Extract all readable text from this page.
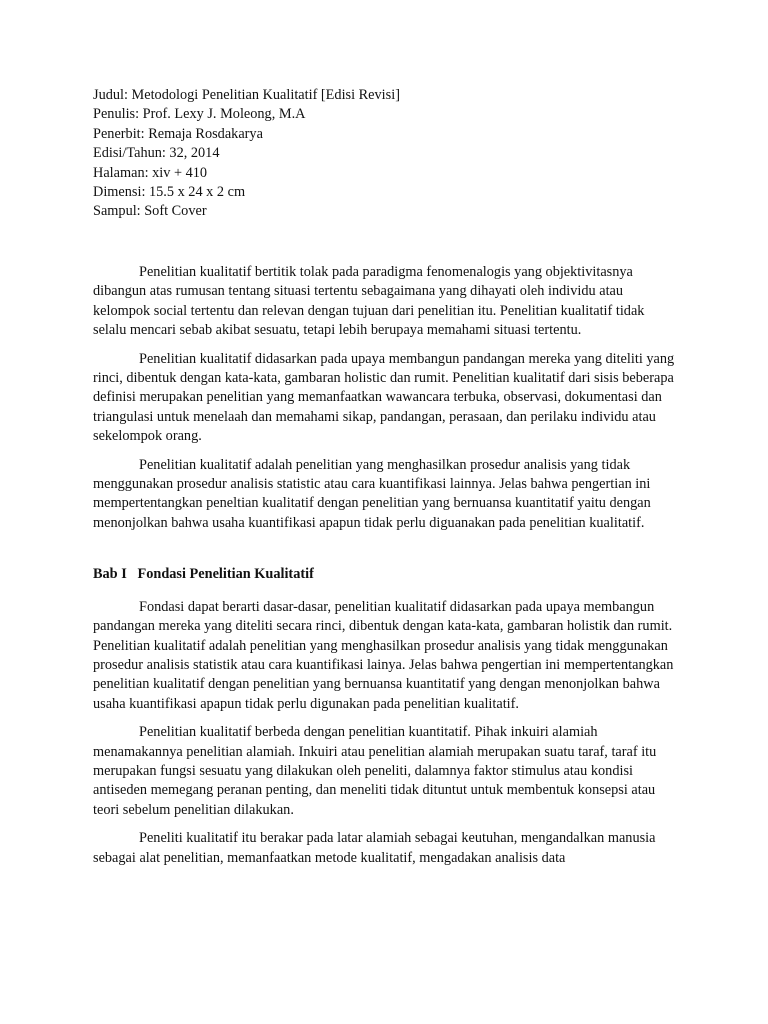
Judul: Metodologi Penelitian Kualitatif [Edisi Revisi]
Penulis: Prof. Lexy J. Moleong, M.A
Penerbit: Remaja Rosdakarya
Edisi/Tahun: 32, 2014
Halaman: xiv + 410
Dimensi: 15.5 x 24 x 2 cm
Sampul: Soft Cover

Penelitian kualitatif bertitik tolak pada paradigma fenomenalogis yang objektivitasnya dibangun atas rumusan tentang situasi tertentu sebagaimana yang dihayati oleh individu atau kelompok social tertentu dan relevan dengan tujuan dari penelitian itu. Penelitian kualitatif tidak selalu mencari sebab akibat sesuatu, tetapi lebih berupaya memahami situasi tertentu.

Penelitian kualitatif didasarkan pada upaya membangun pandangan mereka yang diteliti yang rinci, dibentuk dengan kata-kata, gambaran holistic dan rumit. Penelitian kualitatif dari sisis beberapa definisi merupakan penelitian yang memanfaatkan wawancara terbuka, observasi, dokumentasi dan triangulasi untuk menelaah dan memahami sikap, pandangan, perasaan, dan perilaku individu atau sekelompok orang.

Penelitian kualitatif adalah penelitian yang menghasilkan prosedur analisis yang tidak menggunakan prosedur analisis statistic atau cara kuantifikasi lainnya. Jelas bahwa pengertian ini mempertentangkan peneltian kualitatif dengan penelitian yang bernuansa kuantitatif yaitu dengan menonjolkan bahwa usaha kuantifikasi apapun tidak perlu diguanakan pada penelitian kualitatif.

Bab I   Fondasi Penelitian Kualitatif

Fondasi dapat berarti dasar-dasar, penelitian kualitatif didasarkan pada upaya membangun pandangan mereka yang diteliti secara rinci, dibentuk dengan kata-kata, gambaran holistik dan rumit. Penelitian kualitatif adalah penelitian yang menghasilkan prosedur analisis yang tidak menggunakan prosedur analisis statistik atau cara kuantifikasi lainya. Jelas bahwa pengertian ini mempertentangkan penelitian kualitatif dengan penelitian yang bernuansa kuantitatif yang dengan menonjolkan bahwa usaha kuantifikasi apapun tidak perlu digunakan pada penelitian kualitatif.

Penelitian kualitatif berbeda dengan penelitian kuantitatif. Pihak inkuiri alamiah menamakannya penelitian alamiah. Inkuiri atau penelitian alamiah merupakan suatu taraf, taraf itu merupakan fungsi sesuatu yang dilakukan oleh peneliti, dalamnya faktor stimulus atau kondisi antiseden memegang peranan penting, dan meneliti tidak dituntut untuk membentuk konsepsi atau teori sebelum penelitian dilakukan.

Peneliti kualitatif itu berakar pada latar alamiah sebagai keutuhan, mengandalkan manusia sebagai alat penelitian, memanfaatkan metode kualitatif, mengadakan analisis data
